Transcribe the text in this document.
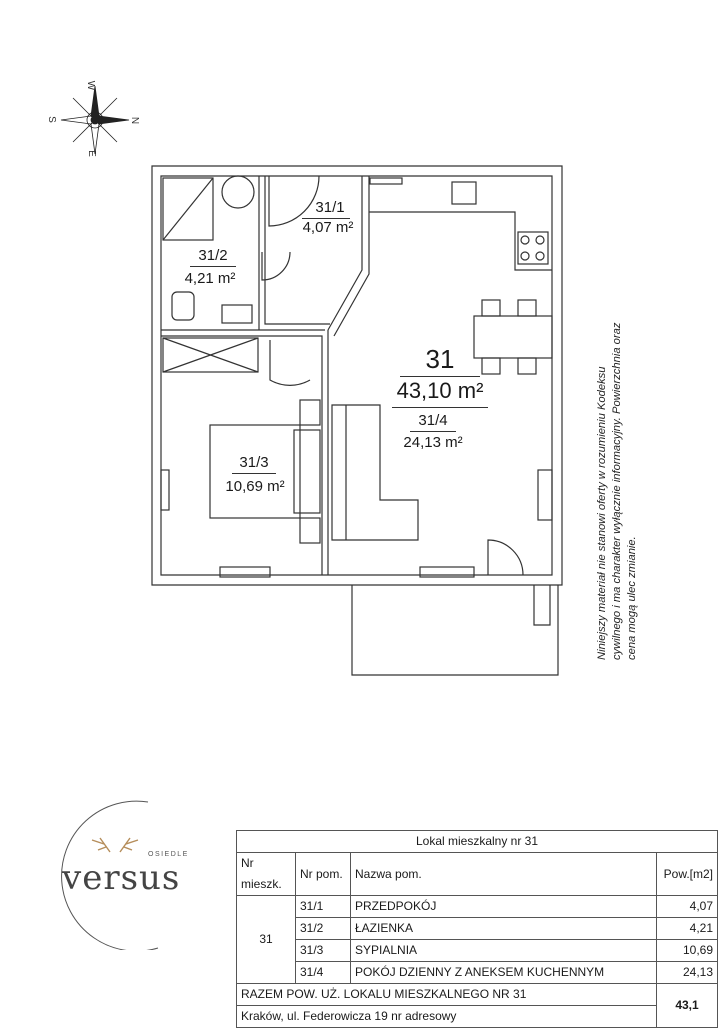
W
E
S	N
31/1
4,07 m²
31/2
4,21 m²
31/3
10,69 m²
31
43,10 m²
31/4
24,13 m²	Niniejszy materiał nie stanowi oferty w rozumieniu Kodeksu cywilnego i ma charakter wyłącznie informacyjny. Powierzchnia oraz cena mogą ulec zmianie.
OSIEDLE
versus
Lokal mieszkalny nr 31			
Nr mieszk.	Nr pom.	Nazwa pom.	Pow.[m2]
31	31/1	PRZEDPOKÓJ	4,07
	31/2	ŁAZIENKA	4,21
	31/3	SYPIALNIA	10,69
	31/4	POKÓJ DZIENNY Z ANEKSEM KUCHENNYM	24,13
RAZEM POW. UŻ. LOKALU MIESZKALNEGO NR 31			43,1
Kraków, ul. Federowicza 19 nr adresowy			
